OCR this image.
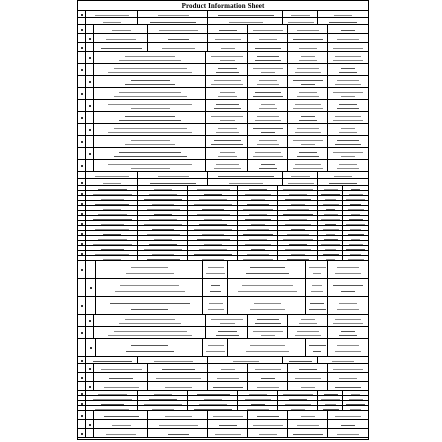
Product Information Sheet
